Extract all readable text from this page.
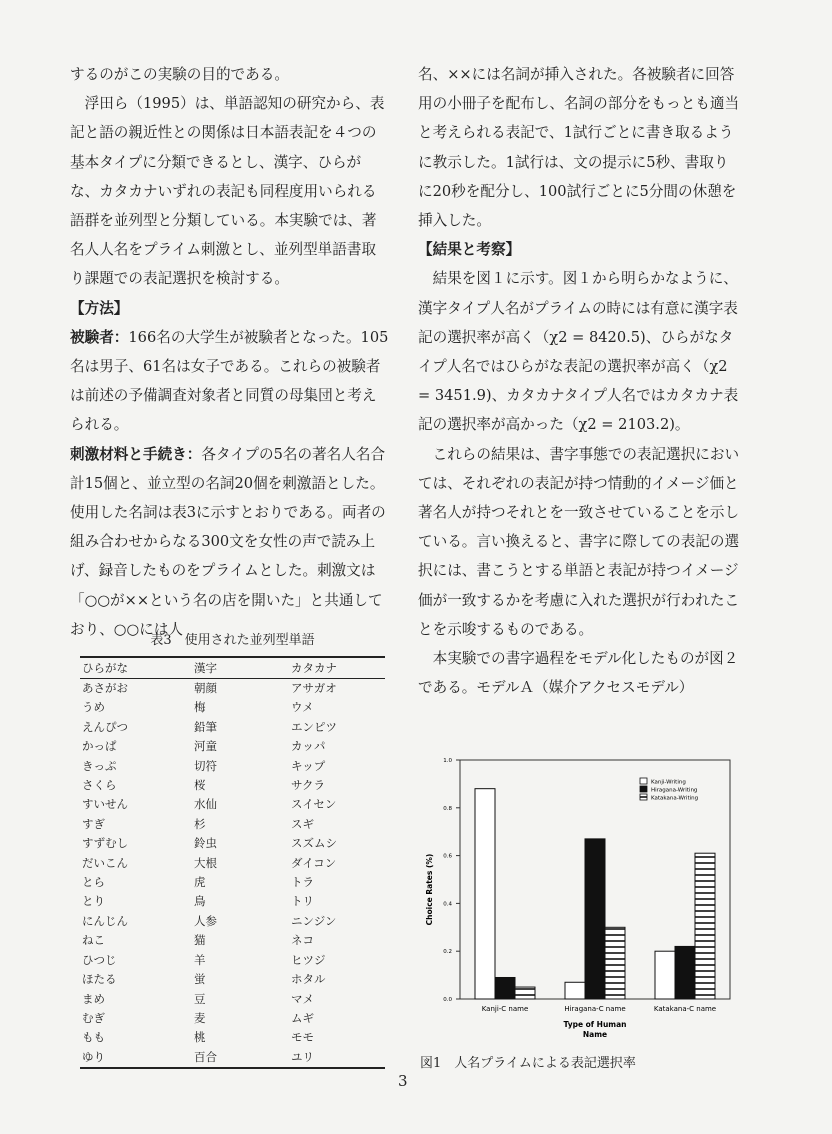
するのがこの実験の目的である。

浮田ら（1995）は、単語認知の研究から、表記と語の親近性との関係は日本語表記を４つの基本タイプに分類できるとし、漢字、ひらがな、カタカナいずれの表記も同程度用いられる語群を並列型と分類している。本実験では、著名人人名をプライム刺激とし、並列型単語書取り課題での表記選択を検討する。

【方法】

被験者：166名の大学生が被験者となった。105名は男子、61名は女子である。これらの被験者は前述の予備調査対象者と同質の母集団と考えられる。

刺激材料と手続き：各タイプの5名の著名人名合計15個と、並立型の名詞20個を刺激語とした。使用した名詞は表3に示すとおりである。両者の組み合わせからなる300文を女性の声で読み上げ、録音したものをプライムとした。刺激文は「○○が××という名の店を開いた」と共通しており、○○には人

表3　使用された並列型単語
ひらがな	漢字	カタカナ
あさがお	朝顔	アサガオ
うめ	梅	ウメ
えんぴつ	鉛筆	エンピツ
かっぱ	河童	カッパ
きっぷ	切符	キップ
さくら	桜	サクラ
すいせん	水仙	スイセン
すぎ	杉	スギ
すずむし	鈴虫	スズムシ
だいこん	大根	ダイコン
とら	虎	トラ
とり	鳥	トリ
にんじん	人参	ニンジン
ねこ	猫	ネコ
ひつじ	羊	ヒツジ
ほたる	蛍	ホタル
まめ	豆	マメ
むぎ	麦	ムギ
もも	桃	モモ
ゆり	百合	ユリ

名、××には名詞が挿入された。各被験者に回答用の小冊子を配布し、名詞の部分をもっとも適当と考えられる表記で、1試行ごとに書き取るように教示した。1試行は、文の提示に5秒、書取りに20秒を配分し、100試行ごとに5分間の休憩を挿入した。

【結果と考察】

結果を図１に示す。図１から明らかなように、漢字タイプ人名がプライムの時には有意に漢字表記の選択率が高く（χ2 = 8420.5)、ひらがなタイプ人名ではひらがな表記の選択率が高く（χ2 = 3451.9)、カタカナタイプ人名ではカタカナ表記の選択率が高かった（χ2 = 2103.2)。

これらの結果は、書字事態での表記選択においては、それぞれの表記が持つ情動的イメージ価と著名人が持つそれとを一致させていることを示している。言い換えると、書字に際しての表記の選択には、書こうとする単語と表記が持つイメージ価が一致するかを考慮に入れた選択が行われたことを示唆するものである。

本実験での書字過程をモデル化したものが図２である。モデルＡ（媒介アクセスモデル）

0.0
0.2
0.4
0.6
0.8
1.0
Kanji-C name	Hiragana-C name	Katakana-C name
Type of Human
Name
Choice Rates (%)
Kanji-Writing
Hiragana-Writing
Katakana-Writing
図1　人名プライムによる表記選択率
3
